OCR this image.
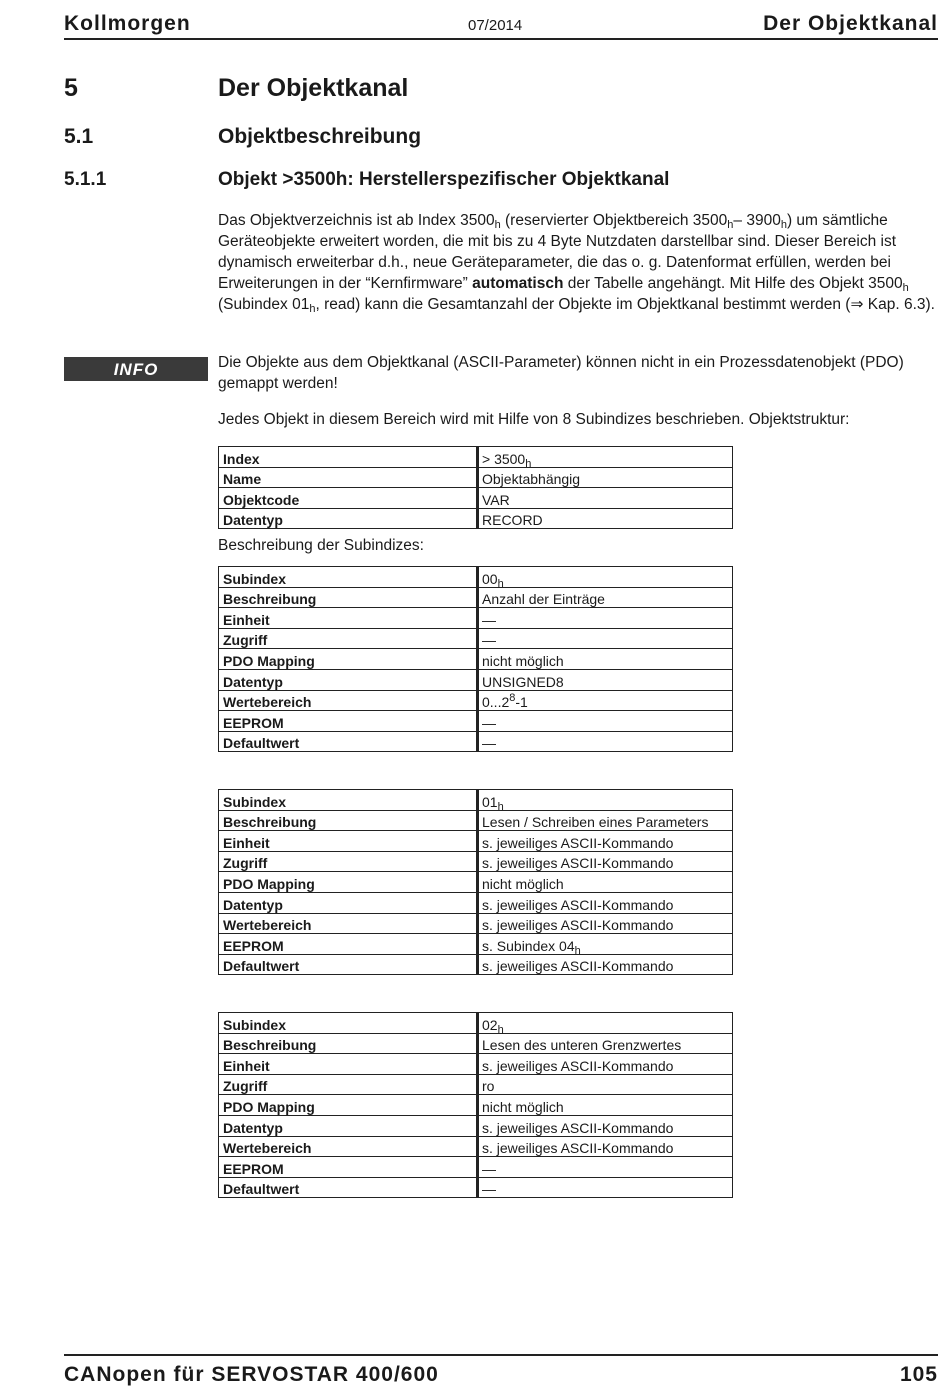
Kollmorgen	07/2014	Der Objektkanal
5	Der Objektkanal
5.1	Objektbeschreibung
5.1.1	Objekt >3500h: Herstellerspezifischer Objektkanal

Das Objektverzeichnis ist ab Index $3500_h$ (reservierter Objektbereich $3500_h-$ $3900_h$) um sämtliche Geräteobjekte erweitert worden, die mit bis zu 4 Byte Nutzdaten darstellbar sind. Dieser Bereich ist dynamisch erweiterbar d.h., neue Geräteparameter, die das o. g. Datenformat erfüllen, werden bei Erweiterungen in der “Kernfirmware” automatisch der Tabelle angehängt. Mit Hilfe des Objekt $3500_h$ (Subindex $01_h$, read) kann die Gesamtanzahl der Objekte im Objektkanal bestimmt werden (⇒ Kap. 6.3).

INFO	Die Objekte aus dem Objektkanal (ASCII-Parameter) können nicht in ein Prozessdatenobjekt (PDO) gemappt werden!

Jedes Objekt in diesem Bereich wird mit Hilfe von 8 Subindizes beschrieben. Objektstruktur:

Index	> $3500_h$
Name	Objektabhängig
Objektcode	VAR
Datentyp	RECORD
Beschreibung der Subindizes:
Subindex	$00_h$
Beschreibung	Anzahl der Einträge
Einheit	—
Zugriff	—
PDO Mapping	nicht möglich
Datentyp	UNSIGNED8
Wertebereich	0...2$^8$-1
EEPROM	—
Defaultwert	—
Subindex	$01_h$
Beschreibung	Lesen / Schreiben eines Parameters
Einheit	s. jeweiliges ASCII-Kommando
Zugriff	s. jeweiliges ASCII-Kommando
PDO Mapping	nicht möglich
Datentyp	s. jeweiliges ASCII-Kommando
Wertebereich	s. jeweiliges ASCII-Kommando
EEPROM	s. Subindex $04_h$
Defaultwert	s. jeweiliges ASCII-Kommando
Subindex	$02_h$
Beschreibung	Lesen des unteren Grenzwertes
Einheit	s. jeweiliges ASCII-Kommando
Zugriff	ro
PDO Mapping	nicht möglich
Datentyp	s. jeweiliges ASCII-Kommando
Wertebereich	s. jeweiliges ASCII-Kommando
EEPROM	—
Defaultwert	—
CANopen für SERVOSTAR 400/600	105
